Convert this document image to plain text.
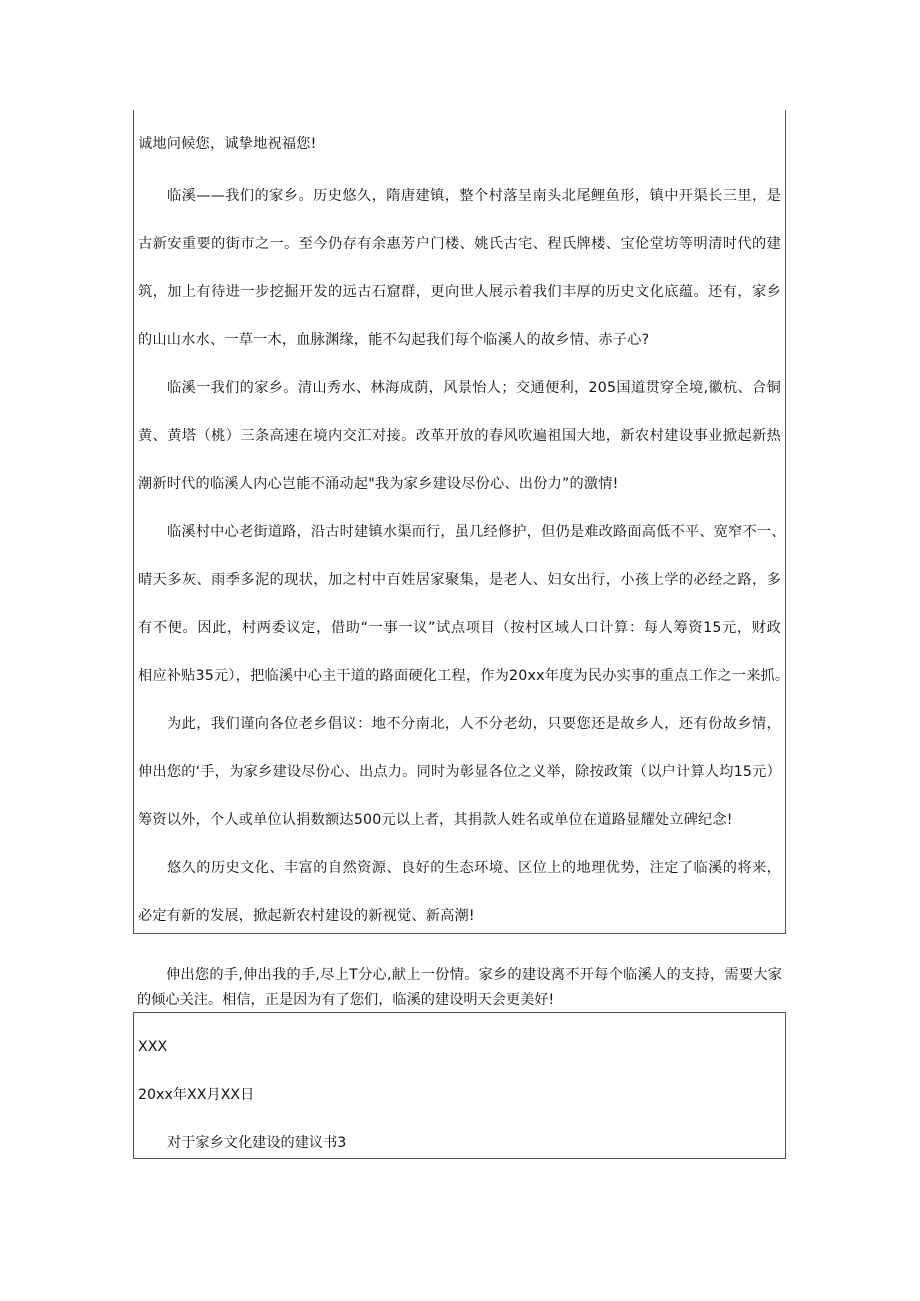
诚地问候您，诚挚地祝福您!
临溪——我们的家乡。历史悠久，隋唐建镇，整个村落呈南头北尾鲤鱼形，镇中开渠长三里，是
古新安重要的街市之一。至今仍存有余惠芳户门楼、姚氏古宅、程氏牌楼、宝伦堂坊等明清时代的建
筑，加上有待进一步挖掘开发的远古石窟群，更向世人展示着我们丰厚的历史文化底蕴。还有，家乡
的山山水水、一草一木，血脉渊缘，能不勾起我们每个临溪人的故乡情、赤子心?
临溪一我们的家乡。清山秀水、林海成荫，风景怡人；交通便利，205国道贯穿全境,徽杭、合铜
黄、黄塔（桃）三条高速在境内交汇对接。改革开放的春风吹遍祖国大地，新农村建设事业掀起新热
潮新时代的临溪人内心岂能不涌动起"我为家乡建设尽份心、出份力”的激情!
临溪村中心老街道路，沿古时建镇水渠而行，虽几经修护，但仍是难改路面高低不平、宽窄不一、
晴天多灰、雨季多泥的现状，加之村中百姓居家聚集，是老人、妇女出行，小孩上学的必经之路，多
有不便。因此，村两委议定，借助“一事一议”试点项目（按村区域人口计算：每人筹资15元，财政
相应补贴35元），把临溪中心主干道的路面硬化工程，作为20xx年度为民办实事的重点工作之一来抓。
为此，我们谨向各位老乡倡议：地不分南北，人不分老幼，只要您还是故乡人，还有份故乡情，
伸出您的‘手，为家乡建设尽份心、出点力。同时为彰显各位之义举，除按政策（以户计算人均15元）
筹资以外，个人或单位认捐数额达500元以上者，其捐款人姓名或单位在道路显耀处立碑纪念!
悠久的历史文化、丰富的自然资源、良好的生态环境、区位上的地理优势，注定了临溪的将来，
必定有新的发展，掀起新农村建设的新视觉、新高潮!
伸出您的手,伸出我的手,尽上T分心,献上一份情。家乡的建设离不开每个临溪人的支持，需要大家
的倾心关注。相信，正是因为有了您们，临溪的建设明天会更美好!
XXX
20xx年XX月XX日
对于家乡文化建设的建议书3
